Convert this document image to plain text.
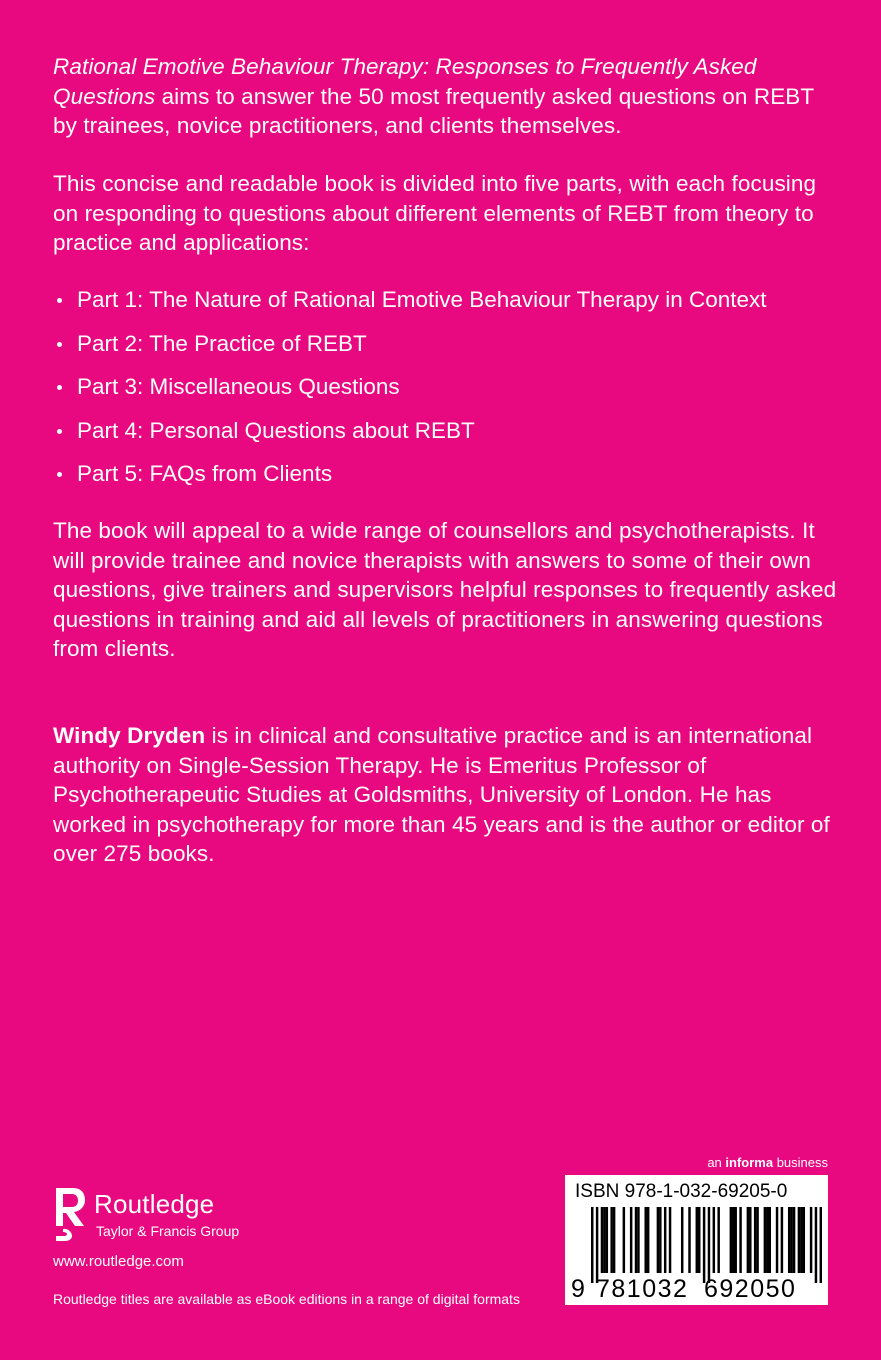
Rational Emotive Behaviour Therapy: Responses to Frequently Asked Questions aims to answer the 50 most frequently asked questions on REBT by trainees, novice practitioners, and clients themselves.

This concise and readable book is divided into five parts, with each focusing on responding to questions about different elements of REBT from theory to practice and applications:

Part 1: The Nature of Rational Emotive Behaviour Therapy in Context
Part 2: The Practice of REBT
Part 3: Miscellaneous Questions
Part 4: Personal Questions about REBT
Part 5: FAQs from Clients

The book will appeal to a wide range of counsellors and psychotherapists. It will provide trainee and novice therapists with answers to some of their own questions, give trainers and supervisors helpful responses to frequently asked questions in training and aid all levels of practitioners in answering questions from clients.

Windy Dryden is in clinical and consultative practice and is an international authority on Single-Session Therapy. He is Emeritus Professor of Psychotherapeutic Studies at Goldsmiths, University of London. He has worked in psychotherapy for more than 45 years and is the author or editor of over 275 books.

Routledge
Taylor & Francis Group
www.routledge.com
Routledge titles are available as eBook editions in a range of digital formats
an informa business
ISBN 978-1-032-69205-0
9 781032 692050
